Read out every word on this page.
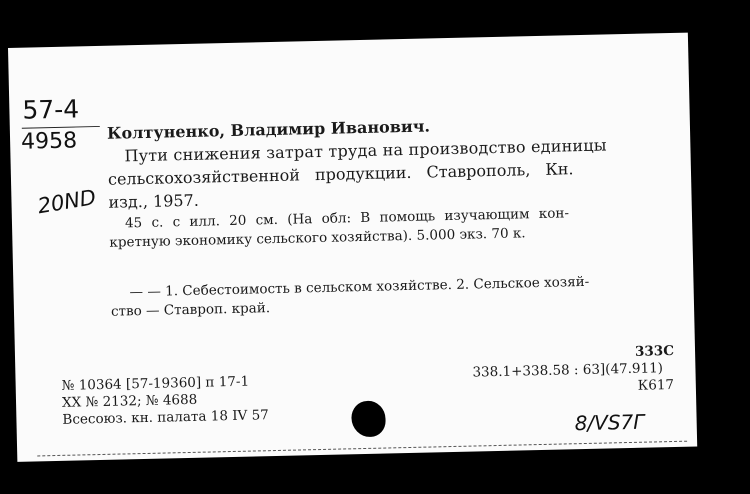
57-4
4958
20ND

Колтуненко, Владимир Иванович.

Пути снижения затрат труда на производство единицы

сельскохозяйственной продукции. Ставрополь, Кн.

изд., 1957.

45 с. с илл. 20 см. (На обл: В помощь изучающим кон-

кретную экономику сельского хозяйства). 5.000 экз. 70 к.

— — 1. Себестоимость в сельском хозяйстве. 2. Сельское хозяй-

ство — Ставроп. край.

№ 10364 [57-19360] п 17-1

XX № 2132; № 4688

Всесоюз. кн. палата 18 IV 57

333С

338.1+338.58 : 63](47.911)

К617

8/VS7Г
